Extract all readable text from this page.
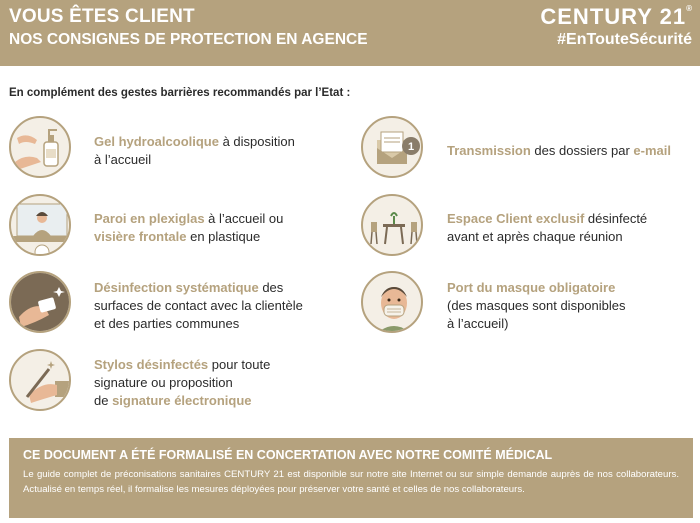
VOUS ÊTES CLIENT
NOS CONSIGNES DE PROTECTION EN AGENCE
CENTURY 21®
#EnTouteSécurité
En complément des gestes barrières recommandés par l’Etat :
Gel hydroalcoolique à disposition
à l’accueil
Paroi en plexiglas à l’accueil ou
visière frontale en plastique
Désinfection systématique des
surfaces de contact avec la clientèle
et des parties communes
Stylos désinfectés pour toute
signature ou proposition
de signature électronique
1	Transmission des dossiers par e-mail
Espace Client exclusif désinfecté
avant et après chaque réunion
Port du masque obligatoire
(des masques sont disponibles
à l’accueil)
CE DOCUMENT A ÉTÉ FORMALISÉ EN CONCERTATION AVEC NOTRE COMITÉ MÉDICAL
Le guide complet de préconisations sanitaires CENTURY 21 est disponible sur notre site Internet ou sur simple demande auprès de nos collaborateurs. Actualisé en temps réel, il formalise les mesures déployées pour préserver votre santé et celles de nos collaborateurs.
